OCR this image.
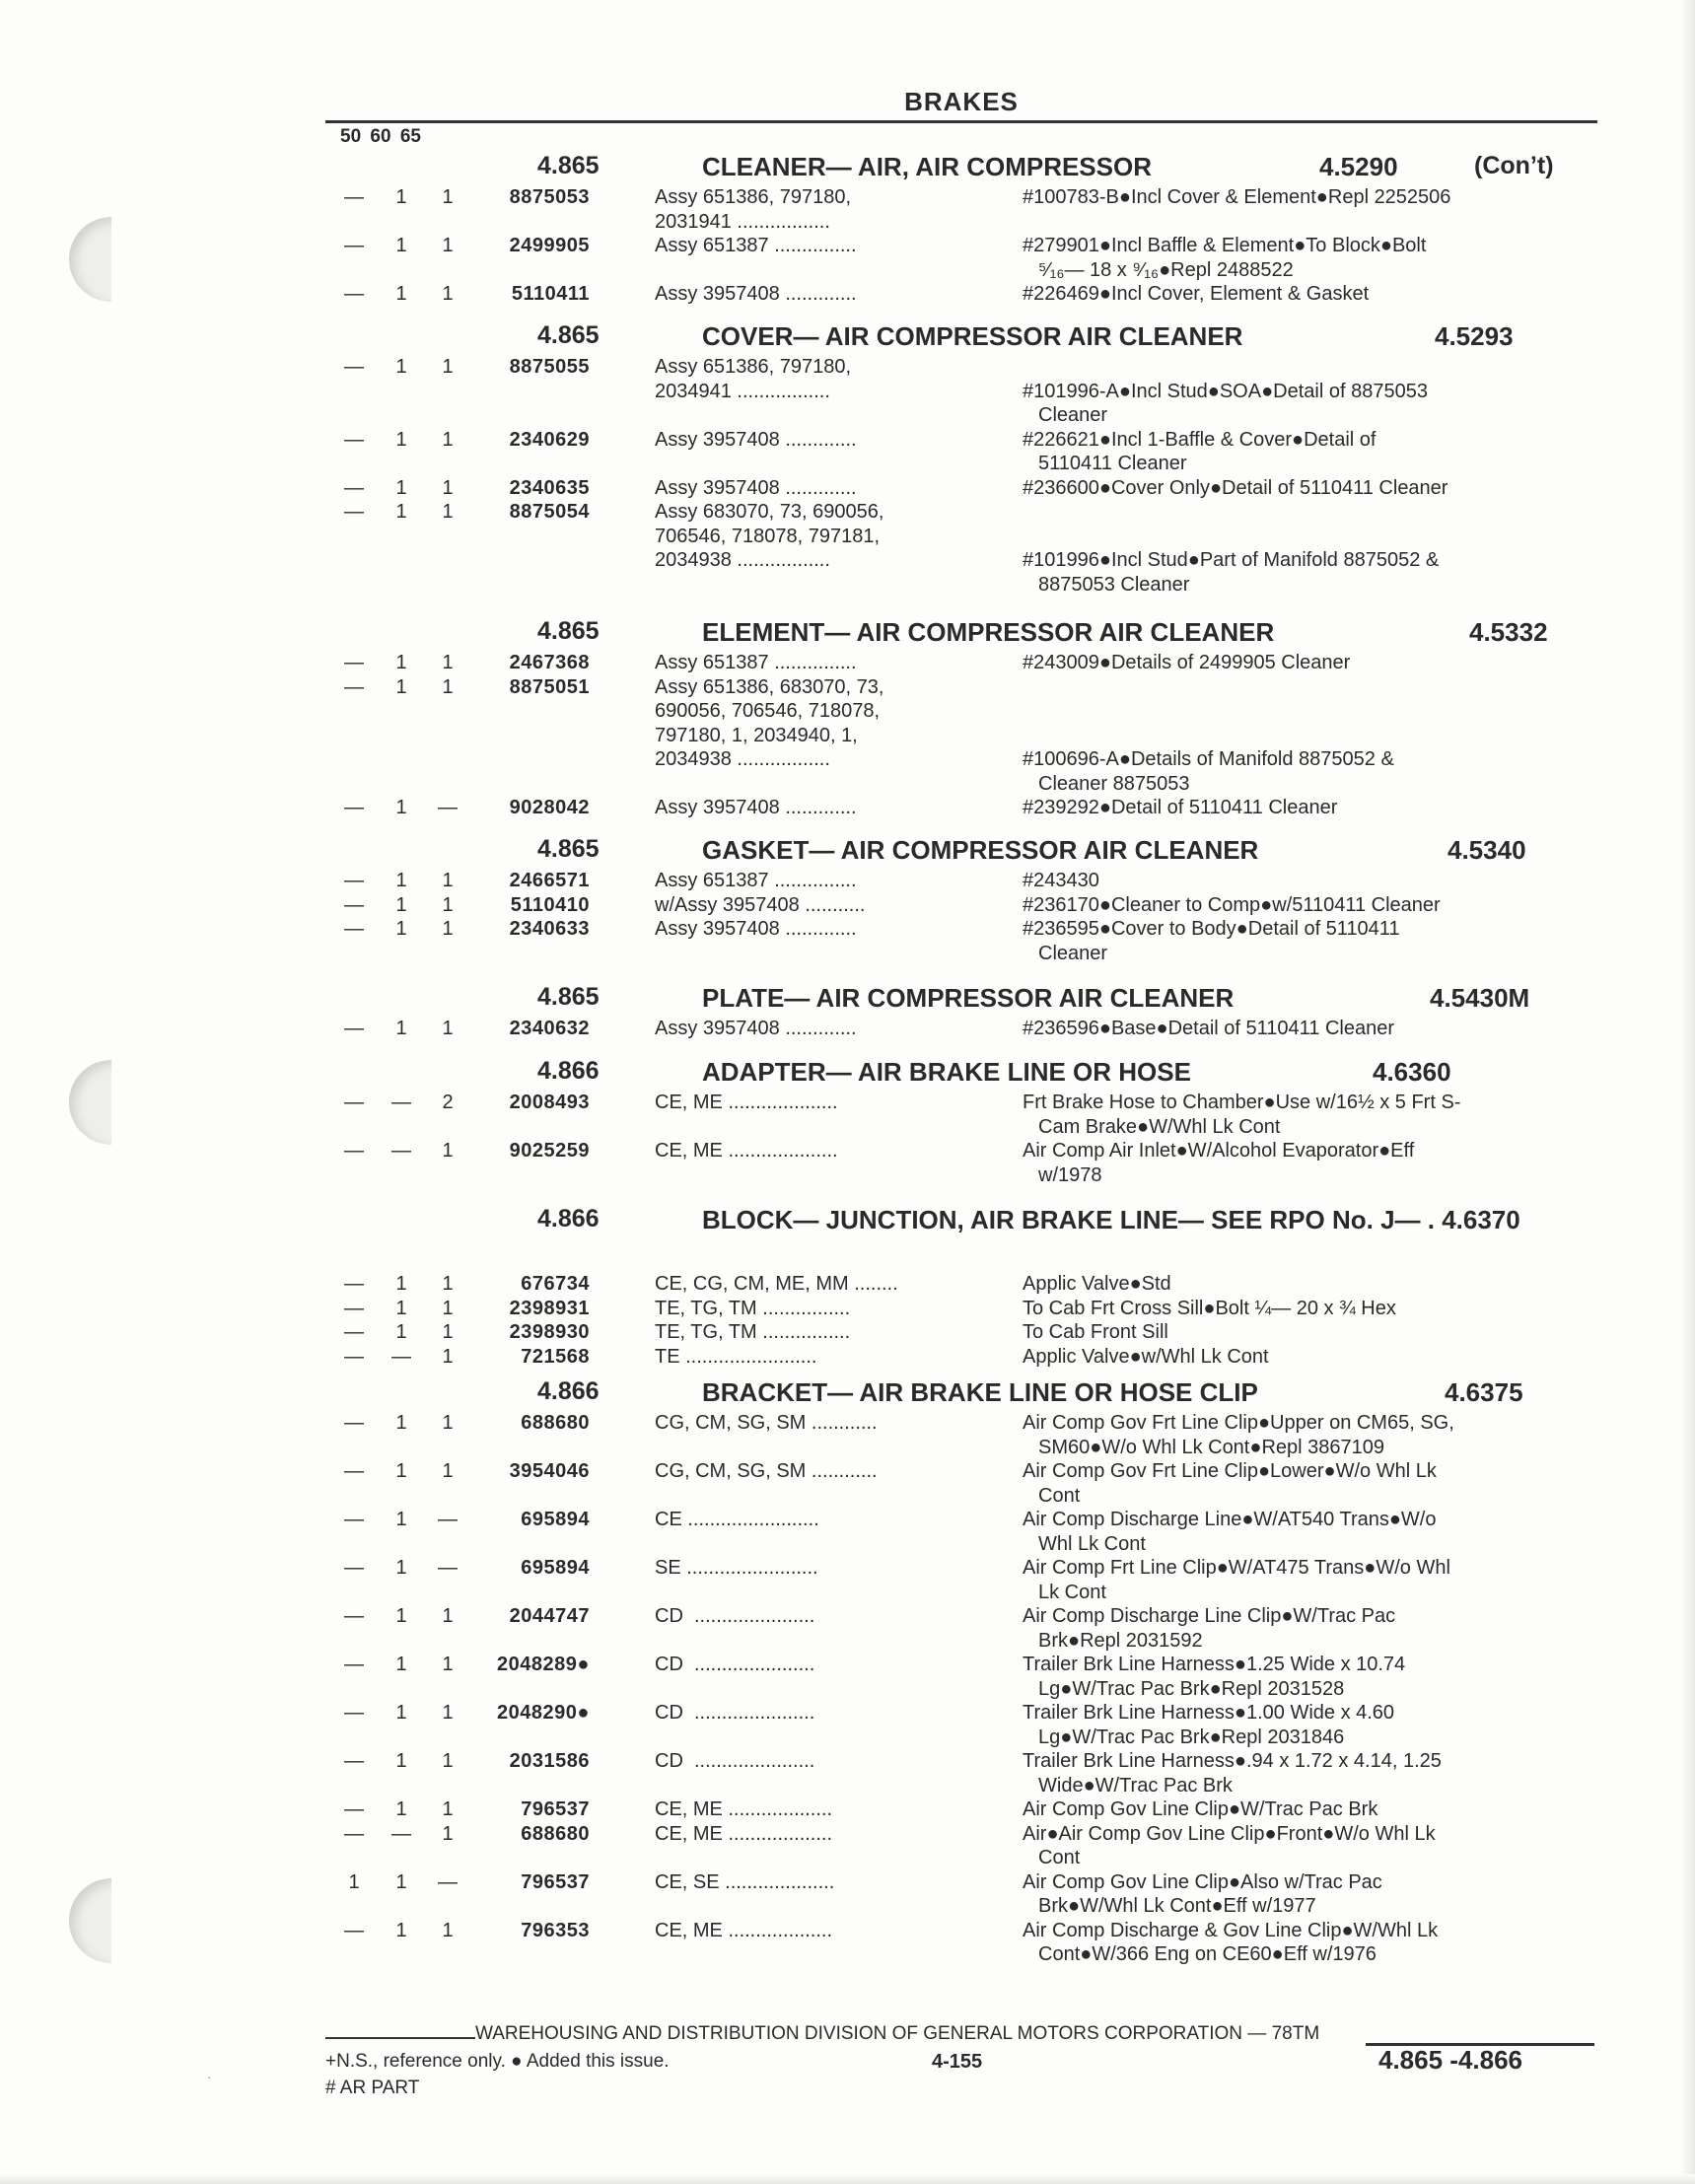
BRAKES
50 60 65
4.865	CLEANER— AIR, AIR COMPRESSOR	4.5290	(Con’t)
—	1	1	8875053	Assy 651386, 797180,
2031941 .................
#100783-B●Incl Cover & Element●Repl 2252506
—	1	1	2499905	Assy 651387 ...............	#279901●Incl Baffle & Element●To Block●Bolt
⁵⁄₁₆— 18 x ⁹⁄₁₆●Repl 2488522
—	1	1	5110411	Assy 3957408 .............	#226469●Incl Cover, Element & Gasket
4.865	COVER— AIR COMPRESSOR AIR CLEANER	4.5293
—	1	1	8875055	Assy 651386, 797180,
2034941 .................	#101996-A●Incl Stud●SOA●Detail of 8875053
Cleaner
—	1	1	2340629	Assy 3957408 .............	#226621●Incl 1-Baffle & Cover●Detail of
5110411 Cleaner
—	1	1	2340635	Assy 3957408 .............	#236600●Cover Only●Detail of 5110411 Cleaner
—	1	1	8875054	Assy 683070, 73, 690056,
706546, 718078, 797181,
2034938 .................	#101996●Incl Stud●Part of Manifold 8875052 &
8875053 Cleaner
4.865	ELEMENT— AIR COMPRESSOR AIR CLEANER	4.5332
—	1	1	2467368	Assy 651387 ...............	#243009●Details of 2499905 Cleaner
—	1	1	8875051	Assy 651386, 683070, 73,
690056, 706546, 718078,
797180, 1, 2034940, 1,
2034938 .................	#100696-A●Details of Manifold 8875052 &
Cleaner 8875053
—	1	—	9028042	Assy 3957408 .............	#239292●Detail of 5110411 Cleaner
4.865	GASKET— AIR COMPRESSOR AIR CLEANER	4.5340
—	1	1	2466571	Assy 651387 ...............	#243430
—	1	1	5110410	w/Assy 3957408 ...........	#236170●Cleaner to Comp●w/5110411 Cleaner
—	1	1	2340633	Assy 3957408 .............	#236595●Cover to Body●Detail of 5110411
Cleaner
4.865	PLATE— AIR COMPRESSOR AIR CLEANER	4.5430M
—	1	1	2340632	Assy 3957408 .............	#236596●Base●Detail of 5110411 Cleaner
4.866	ADAPTER— AIR BRAKE LINE OR HOSE	4.6360
— —	2	2008493	CE, ME ....................	Frt Brake Hose to Chamber●Use w/16½ x 5 Frt S-
Cam Brake●W/Whl Lk Cont
— —	1	9025259	CE, ME ....................	Air Comp Air Inlet●W/Alcohol Evaporator●Eff
w/1978
4.866	BLOCK— JUNCTION, AIR BRAKE LINE— SEE RPO No. J— . 4.6370
—	1	1	676734	CE, CG, CM, ME, MM ........	Applic Valve●Std
—	1	1	2398931	TE, TG, TM ................	To Cab Frt Cross Sill●Bolt ¼— 20 x ¾ Hex
—	1	1	2398930	TE, TG, TM ................	To Cab Front Sill
— —	1	721568	TE ........................	Applic Valve●w/Whl Lk Cont
4.866	BRACKET— AIR BRAKE LINE OR HOSE CLIP	4.6375
—	1	1	688680	CG, CM, SG, SM ............	Air Comp Gov Frt Line Clip●Upper on CM65, SG,
SM60●W/o Whl Lk Cont●Repl 3867109
—	1	1	3954046	CG, CM, SG, SM ............	Air Comp Gov Frt Line Clip●Lower●W/o Whl Lk
Cont
—	1	—	695894	CE ........................	Air Comp Discharge Line●W/AT540 Trans●W/o
Whl Lk Cont
—	1	—	695894	SE ........................	Air Comp Frt Line Clip●W/AT475 Trans●W/o Whl
Lk Cont
—	1	1	2044747	CD  ......................	Air Comp Discharge Line Clip●W/Trac Pac
Brk●Repl 2031592
—	1	1	2048289●	CD  ......................	Trailer Brk Line Harness●1.25 Wide x 10.74
Lg●W/Trac Pac Brk●Repl 2031528
—	1	1	2048290●	CD  ......................	Trailer Brk Line Harness●1.00 Wide x 4.60
Lg●W/Trac Pac Brk●Repl 2031846
—	1	1	2031586	CD  ......................	Trailer Brk Line Harness●.94 x 1.72 x 4.14, 1.25
Wide●W/Trac Pac Brk
—	1	1	796537	CE, ME ...................	Air Comp Gov Line Clip●W/Trac Pac Brk
— —	1	688680	CE, ME ...................	Air●Air Comp Gov Line Clip●Front●W/o Whl Lk
Cont
1	1	—	796537	CE, SE ....................	Air Comp Gov Line Clip●Also w/Trac Pac
Brk●W/Whl Lk Cont●Eff w/1977
—	1	1	796353	CE, ME ...................	Air Comp Discharge & Gov Line Clip●W/Whl Lk
Cont●W/366 Eng on CE60●Eff w/1976
WAREHOUSING AND DISTRIBUTION DIVISION OF GENERAL MOTORS CORPORATION — 78TM
+N.S., reference only. ● Added this issue.	4-155	4.865 -4.866
# AR PART
·
